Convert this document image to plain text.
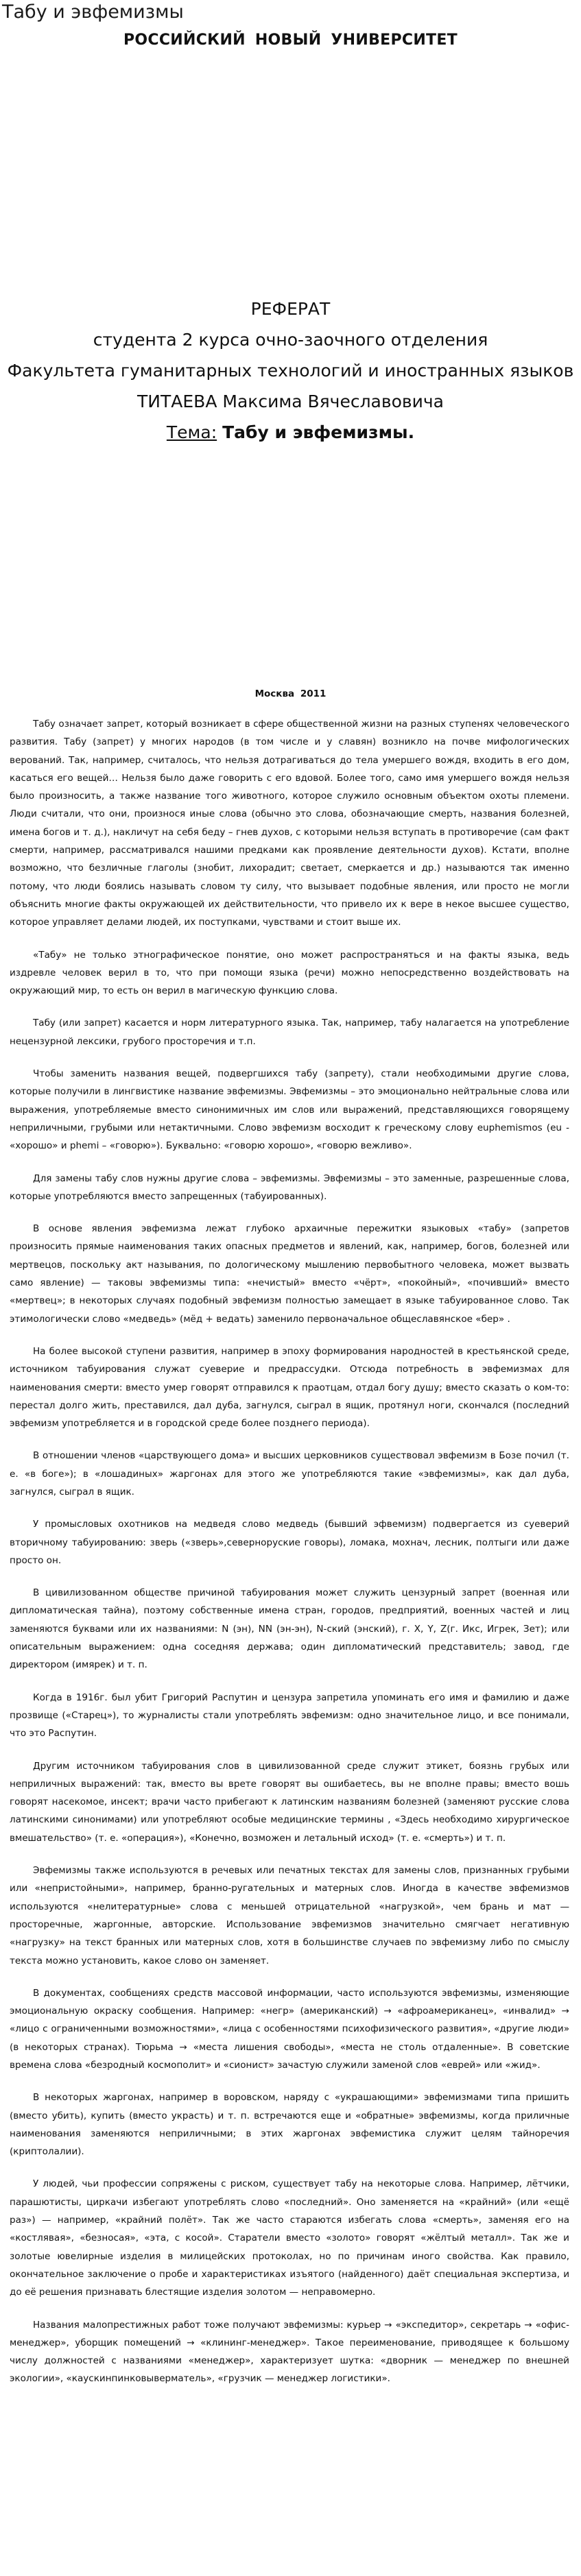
Табу и эвфемизмы
РОССИЙСКИЙ НОВЫЙ УНИВЕРСИТЕТ
РЕФЕРАТ
студента 2 курса очно-заочного отделения
Факультета гуманитарных технологий и иностранных языков
ТИТАЕВА Максима Вячеславовича
Тема: Табу и эвфемизмы.
Москва 2011

Табу означает запрет, который возникает в сфере общественной жизни на разных ступенях человеческого развития. Табу (запрет) у многих народов (в том числе и у славян) возникло на почве мифологических верований. Так, например, считалось, что нельзя дотрагиваться до тела умершего вождя, входить в его дом, касаться его вещей… Нельзя было даже говорить с его вдовой. Более того, само имя умершего вождя нельзя было произносить, а также название того животного, которое служило основным объектом охоты племени. Люди считали, что они, произнося иные слова (обычно это слова, обозначающие смерть, названия болезней, имена богов и т. д.), накличут на себя беду – гнев духов, с которыми нельзя вступать в противоречие (сам факт смерти, например, рассматривался нашими предками как проявление деятельности духов). Кстати, вполне возможно, что безличные глаголы (знобит, лихорадит; светает, смеркается и др.) называются так именно потому, что люди боялись называть словом ту силу, что вызывает подобные явления, или просто не могли объяснить многие факты окружающей их действительности, что привело их к вере в некое высшее существо, которое управляет делами людей, их поступками, чувствами и стоит выше их.

«Табу» не только этнографическое понятие, оно может распространяться и на факты языка, ведь издревле человек верил в то, что при помощи языка (речи) можно непосредственно воздействовать на окружающий мир, то есть он верил в магическую функцию слова.

Табу (или запрет) касается и норм литературного языка. Так, например, табу налагается на употребление нецензурной лексики, грубого просторечия и т.п.

Чтобы заменить названия вещей, подвергшихся табу (запрету), стали необходимыми другие слова, которые получили в лингвистике название эвфемизмы. Эвфемизмы – это эмоционально нейтральные слова или выражения, употребляемые вместо синонимичных им слов или выражений, представляющихся говорящему неприличными, грубыми или нетактичными. Слово эвфемизм восходит к греческому слову euphemismos (eu - «хорошо» и phemi – «говорю»). Буквально: «говорю хорошо», «говорю вежливо».

Для замены табу слов нужны другие слова – эвфемизмы. Эвфемизмы – это заменные, разрешенные слова, которые употребляются вместо запрещенных (табуированных).

В основе явления эвфемизма лежат глубоко архаичные пережитки языковых «табу» (запретов произносить прямые наименования таких опасных предметов и явлений, как, например, богов, болезней или мертвецов, поскольку акт называния, по дологическому мышлению первобытного человека, может вызвать само явление) — таковы эвфемизмы типа: «нечистый» вместо «чёрт», «покойный», «почивший» вместо «мертвец»; в некоторых случаях подобный эвфемизм полностью замещает в языке табуированное слово. Так этимологически слово «медведь» (мёд + ведать) заменило первоначальное общеславянское «бер» .

На более высокой ступени развития, например в эпоху формирования народностей в крестьянской среде, источником табуирования служат суеверие и предрассудки. Отсюда потребность в эвфемизмах для наименования смерти: вместо умер говорят отправился к праотцам, отдал богу душу; вместо сказать о ком-то: перестал долго жить, преставился, дал дуба, загнулся, сыграл в ящик, протянул ноги, скончался (последний эвфемизм употребляется и в городской среде более позднего периода).

В отношении членов «царствующего дома» и высших церковников существовал эвфемизм в Бозе почил (т. е. «в боге»); в «лошадиных» жаргонах для этого же употребляются такие «эвфемизмы», как дал дуба, загнулся, сыграл в ящик.

У промысловых охотников на медведя слово медведь (бывший эфвемизм) подвергается из суеверий вторичному табуированию: зверь («зверь»,северноруские говоры), ломака, мохнач, лесник, полтыги или даже просто он.

В цивилизованном обществе причиной табуирования может служить цензурный запрет (военная или дипломатическая тайна), поэтому собственные имена стран, городов, предприятий, военных частей и лиц заменяются буквами или их названиями: N (эн), NN (эн-эн), N-ский (энский), г. X, Y, Z(г. Икс, Игрек, Зет); или описательным выражением: одна соседняя держава; один дипломатический представитель; завод, где директором (имярек) и т. п.

Когда в 1916г. был убит Григорий Распутин и цензура запретила упоминать его имя и фамилию и даже прозвище («Старец»), то журналисты стали употреблять эвфемизм: одно значительное лицо, и все понимали, что это Распутин.

Другим источником табуирования слов в цивилизованной среде служит этикет, боязнь грубых или неприличных выражений: так, вместо вы врете говорят вы ошибаетесь, вы не вполне правы; вместо вошь говорят насекомое, инсект; врачи часто прибегают к латинским названиям болезней (заменяют русские слова латинскими синонимами) или употребляют особые медицинские термины , «Здесь необходимо хирургическое вмешательство» (т. е. «операция»), «Конечно, возможен и летальный исход» (т. е. «смерть») и т. п.

Эвфемизмы также используются в речевых или печатных текстах для замены слов, признанных грубыми или «непристойными», например, бранно-ругательных и матерных слов. Иногда в качестве эвфемизмов используются «нелитературные» слова с меньшей отрицательной «нагрузкой», чем брань и мат — просторечные, жаргонные, авторские. Использование эвфемизмов значительно смягчает негативную «нагрузку» на текст бранных или матерных слов, хотя в большинстве случаев по эвфемизму либо по смыслу текста можно установить, какое слово он заменяет.

В документах, сообщениях средств массовой информации, часто используются эвфемизмы, изменяющие эмоциональную окраску сообщения. Например: «негр» (американский) → «афроамериканец», «инвалид» → «лицо с ограниченными возможностями», «лица с особенностями психофизического развития», «другие люди» (в некоторых странах). Тюрьма → «места лишения свободы», «места не столь отдаленные». В советские времена слова «безродный космополит» и «сионист» зачастую служили заменой слов «еврей» или «жид».

В некоторых жаргонах, например в воровском, наряду с «украшающими» эвфемизмами типа пришить (вместо убить), купить (вместо украсть) и т. п. встречаются еще и «обратные» эвфемизмы, когда приличные наименования заменяются неприличными; в этих жаргонах эвфемистика служит целям тайноречия (криптолалии).

У людей, чьи профессии сопряжены с риском, существует табу на некоторые слова. Например, лётчики, парашютисты, циркачи избегают употреблять слово «последний». Оно заменяется на «крайний» (или «ещё раз») — например, «крайний полёт». Так же часто стараются избегать слова «смерть», заменяя его на «костлявая», «безносая», «эта, с косой». Старатели вместо «золото» говорят «жёлтый металл». Так же и золотые ювелирные изделия в милицейских протоколах, но по причинам иного свойства. Как правило, окончательное заключение о пробе и характеристиках изъятого (найденного) даёт специальная экспертиза, и до её решения признавать блестящие изделия золотом — неправомерно.

Названия малопрестижных работ тоже получают эвфемизмы: курьер → «экспедитор», секретарь → «офис-менеджер», уборщик помещений → «клининг-менеджер». Такое переименование, приводящее к большому числу должностей с названиями «менеджер», характеризует шутка: «дворник — менеджер по внешней экологии», «каускинпинковыверматель», «грузчик — менеджер логистики».
